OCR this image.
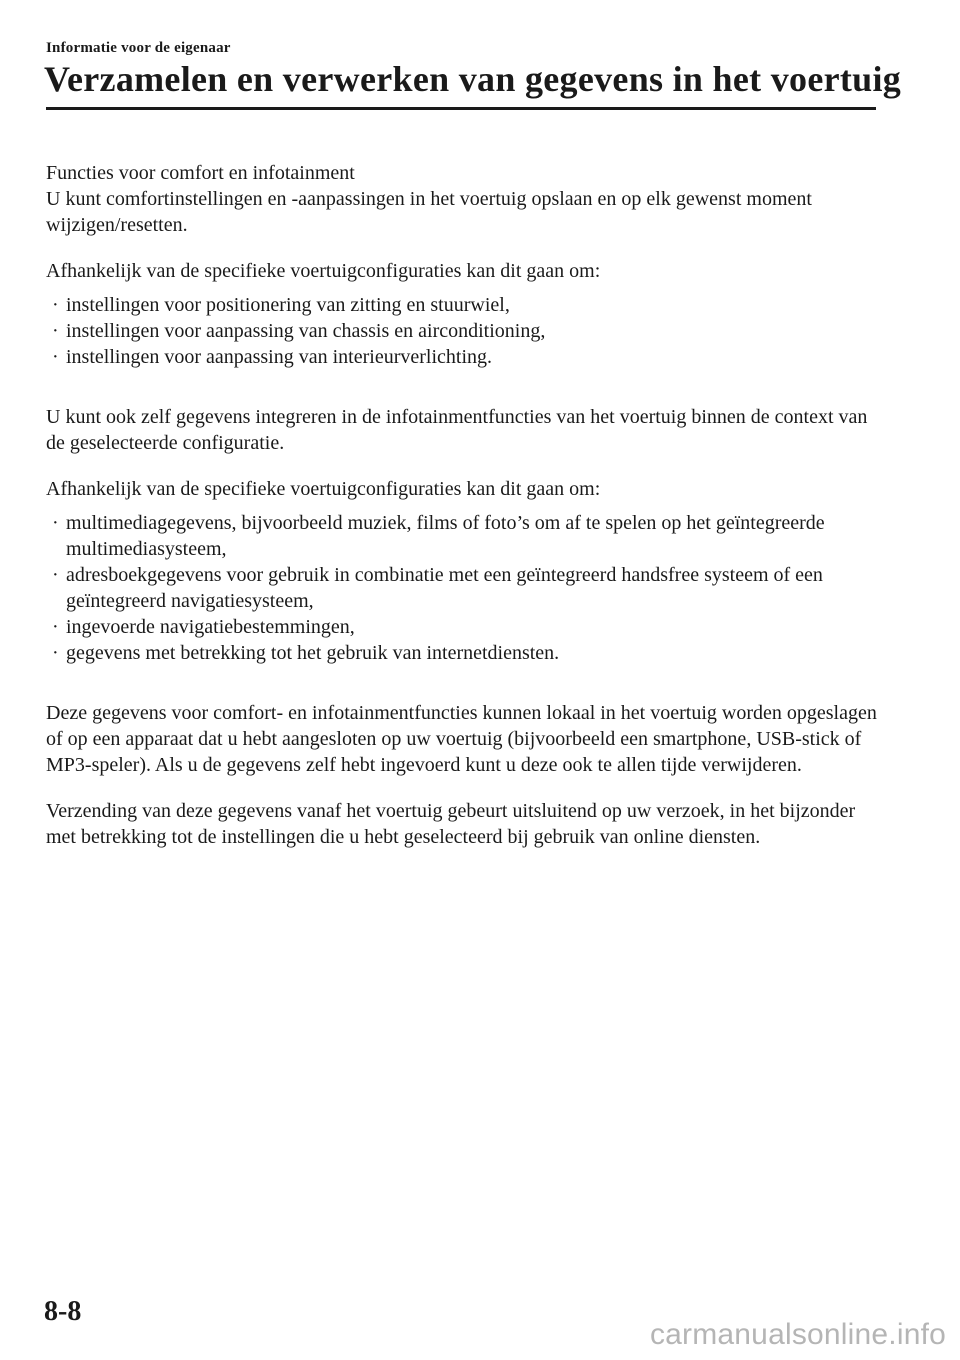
Informatie voor de eigenaar
Verzamelen en verwerken van gegevens in het voertuig

Functies voor comfort en infotainment

U kunt comfortinstellingen en -aanpassingen in het voertuig opslaan en op elk gewenst moment wijzigen/resetten.

Afhankelijk van de specifieke voertuigconfiguraties kan dit gaan om:

· instellingen voor positionering van zitting en stuurwiel,
· instellingen voor aanpassing van chassis en airconditioning,
· instellingen voor aanpassing van interieurverlichting.

U kunt ook zelf gegevens integreren in de infotainmentfuncties van het voertuig binnen de context van de geselecteerde configuratie.

Afhankelijk van de specifieke voertuigconfiguraties kan dit gaan om:

· multimediagegevens, bijvoorbeeld muziek, films of foto’s om af te spelen op het geïntegreerde multimediasysteem,
· adresboekgegevens voor gebruik in combinatie met een geïntegreerd handsfree systeem of een geïntegreerd navigatiesysteem,
· ingevoerde navigatiebestemmingen,
· gegevens met betrekking tot het gebruik van internetdiensten.

Deze gegevens voor comfort- en infotainmentfuncties kunnen lokaal in het voertuig worden opgeslagen of op een apparaat dat u hebt aangesloten op uw voertuig (bijvoorbeeld een smartphone, USB-stick of MP3-speler). Als u de gegevens zelf hebt ingevoerd kunt u deze ook te allen tijde verwijderen.

Verzending van deze gegevens vanaf het voertuig gebeurt uitsluitend op uw verzoek, in het bijzonder met betrekking tot de instellingen die u hebt geselecteerd bij gebruik van online diensten.

8-8
carmanualsonline.info
